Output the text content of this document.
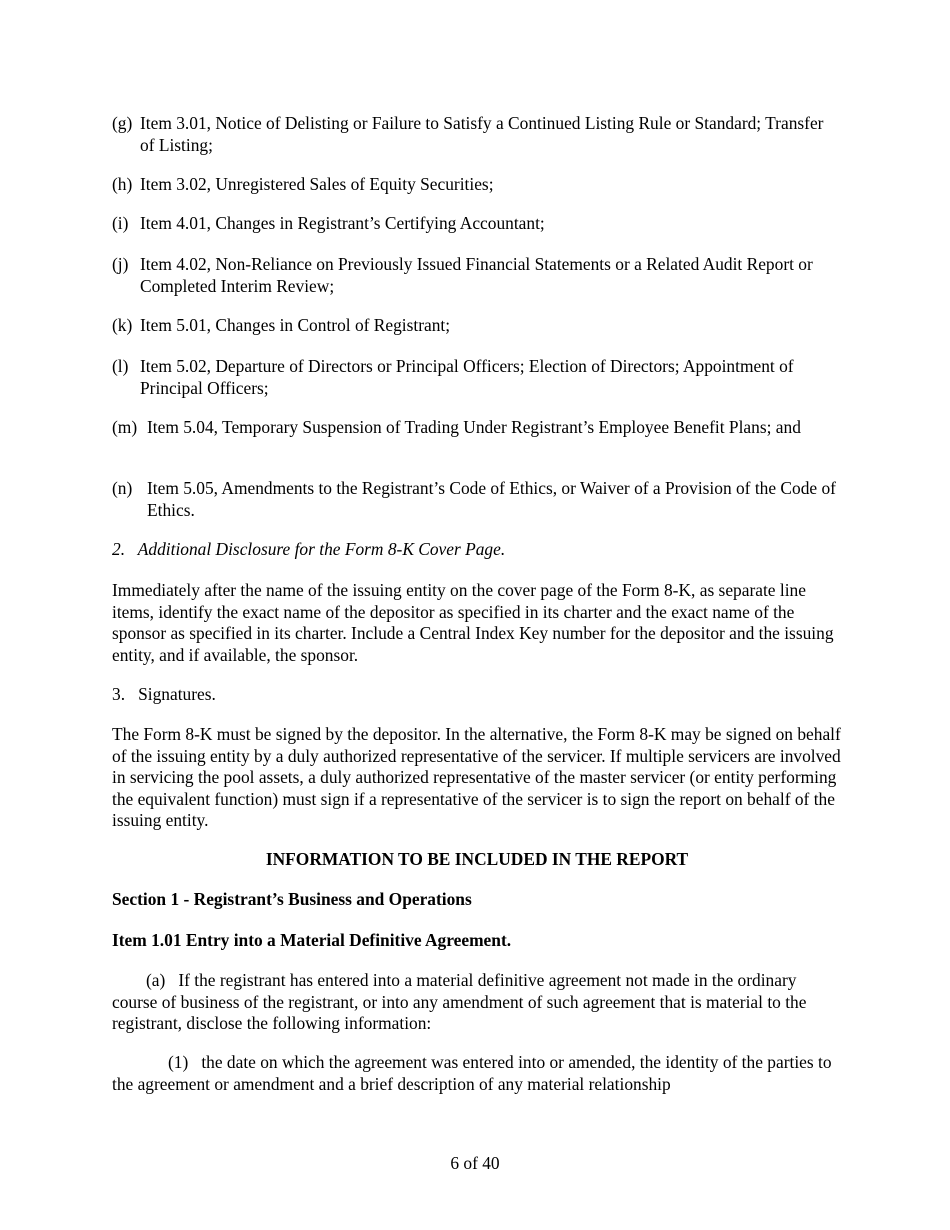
(g) Item 3.01, Notice of Delisting or Failure to Satisfy a Continued Listing Rule or Standard; Transfer of Listing;
(h) Item 3.02, Unregistered Sales of Equity Securities;
(i) Item 4.01, Changes in Registrant’s Certifying Accountant;
(j) Item 4.02, Non-Reliance on Previously Issued Financial Statements or a Related Audit Report or Completed Interim Review;
(k) Item 5.01, Changes in Control of Registrant;
(l) Item 5.02, Departure of Directors or Principal Officers; Election of Directors; Appointment of Principal Officers;
(m) Item 5.04, Temporary Suspension of Trading Under Registrant’s Employee Benefit Plans; and
(n) Item 5.05, Amendments to the Registrant’s Code of Ethics, or Waiver of a Provision of the Code of Ethics.

2.   Additional Disclosure for the Form 8-K Cover Page.

Immediately after the name of the issuing entity on the cover page of the Form 8-K, as separate line items, identify the exact name of the depositor as specified in its charter and the exact name of the sponsor as specified in its charter. Include a Central Index Key number for the depositor and the issuing entity, and if available, the sponsor.

3.   Signatures.

The Form 8-K must be signed by the depositor. In the alternative, the Form 8-K may be signed on behalf of the issuing entity by a duly authorized representative of the servicer. If multiple servicers are involved in servicing the pool assets, a duly authorized representative of the master servicer (or entity performing the equivalent function) must sign if a representative of the servicer is to sign the report on behalf of the issuing entity.

INFORMATION TO BE INCLUDED IN THE REPORT

Section 1 - Registrant’s Business and Operations

Item 1.01 Entry into a Material Definitive Agreement.

(a)   If the registrant has entered into a material definitive agreement not made in the ordinary course of business of the registrant, or into any amendment of such agreement that is material to the registrant, disclose the following information:

(1)   the date on which the agreement was entered into or amended, the identity of the parties to the agreement or amendment and a brief description of any material relationship

6 of 40
